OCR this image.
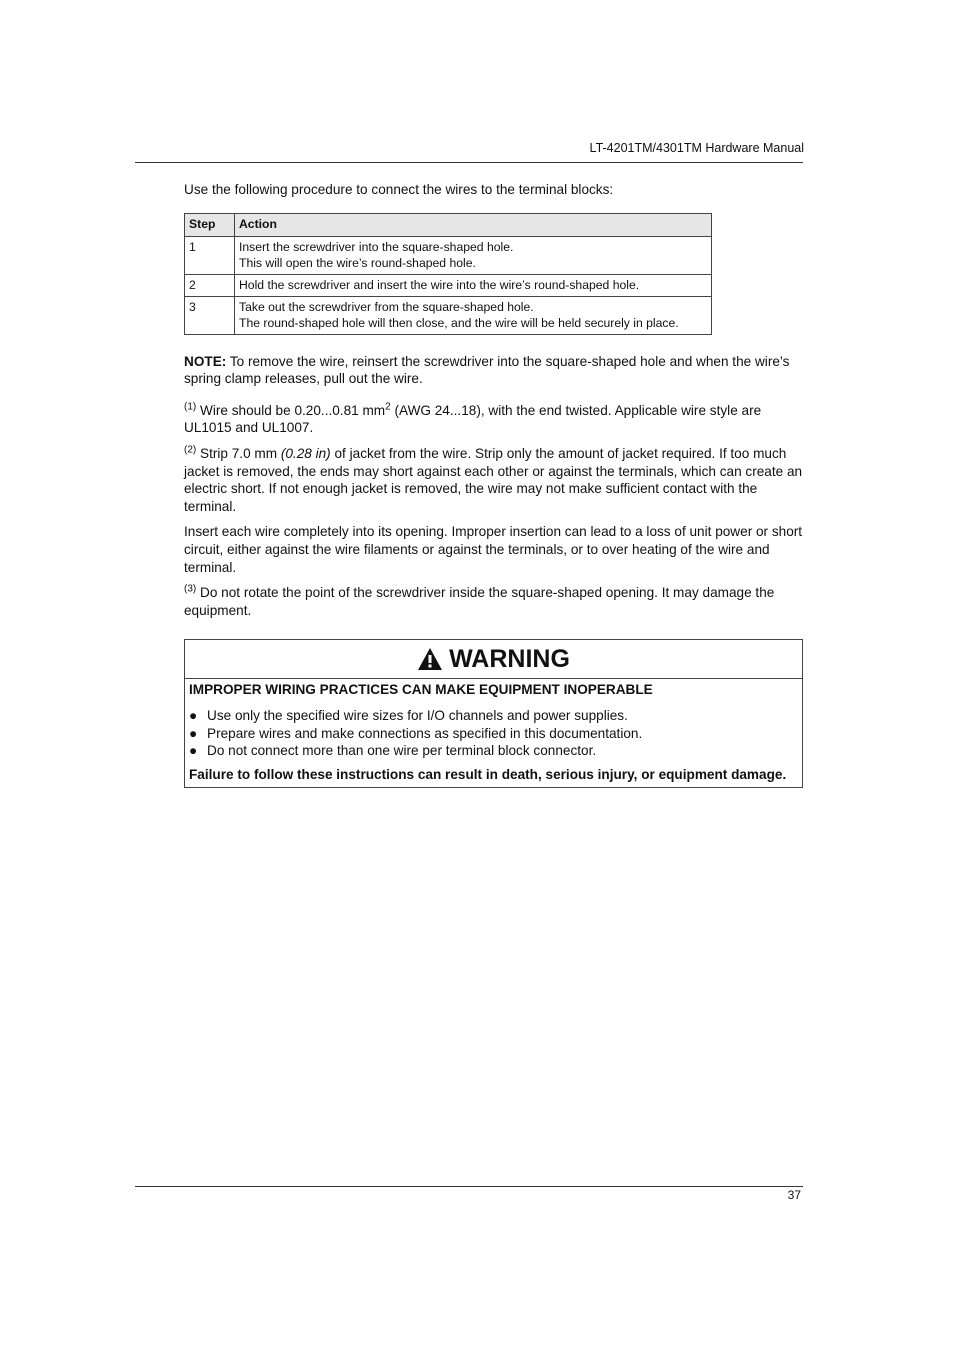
LT-4201TM/4301TM Hardware Manual

Use the following procedure to connect the wires to the terminal blocks:

Step	Action
1	Insert the screwdriver into the square-shaped hole.
This will open the wire’s round-shaped hole.

2	Hold the screwdriver and insert the wire into the wire’s round-shaped hole.

3	Take out the screwdriver from the square-shaped hole.
The round-shaped hole will then close, and the wire will be held securely in place.

NOTE: To remove the wire, reinsert the screwdriver into the square-shaped hole and when the wire’s spring clamp releases, pull out the wire.

$^{(1)}$ Wire should be 0.20...0.81 $mm^2$ (AWG 24...18), with the end twisted. Applicable wire style are UL1015 and UL1007.

$^{(2)}$ Strip 7.0 mm (0.28 in) of jacket from the wire. Strip only the amount of jacket required. If too much jacket is removed, the ends may short against each other or against the terminals, which can create an electric short. If not enough jacket is removed, the wire may not make sufficient contact with the terminal.

Insert each wire completely into its opening. Improper insertion can lead to a loss of unit power or short circuit, either against the wire filaments or against the terminals, or to over heating of the wire and terminal.

$^{(3)}$ Do not rotate the point of the screwdriver inside the square-shaped opening. It may damage the equipment.

WARNING

IMPROPER WIRING PRACTICES CAN MAKE EQUIPMENT INOPERABLE

● Use only the specified wire sizes for I/O channels and power supplies.
● Prepare wires and make connections as specified in this documentation.
● Do not connect more than one wire per terminal block connector.

Failure to follow these instructions can result in death, serious injury, or equipment damage.

37
